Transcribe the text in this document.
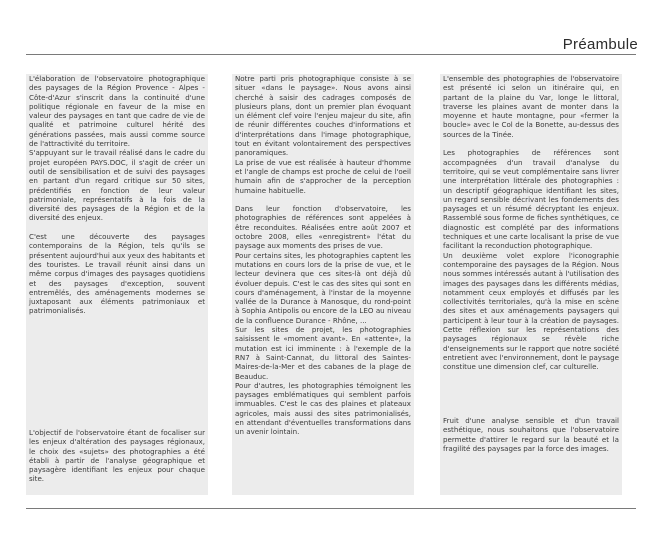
Préambule

L'élaboration de l'observatoire photographique des paysages de la Région Provence - Alpes - Côte-d'Azur s'inscrit dans la continuité d'une politique régionale en faveur de la mise en valeur des paysages en tant que cadre de vie de qualité et patrimoine culturel hérité des générations passées, mais aussi comme source de l'attractivité du territoire.

S'appuyant sur le travail réalisé dans le cadre du projet européen PAYS.DOC, il s'agit de créer un outil de sensibilisation et de suivi des paysages en partant d'un regard critique sur 50 sites, prédentifiés en fonction de leur valeur patrimoniale, représentatifs à la fois de la diversité des paysages de la Région et de la diversité des enjeux.

C'est une découverte des paysages contemporains de la Région, tels qu'ils se présentent aujourd'hui aux yeux des habitants et des touristes. Le travail réunit ainsi dans un même corpus d'images des paysages quotidiens et des paysages d'exception, souvent entremêlés, des aménagements modernes se juxtaposant aux éléments patrimoniaux et patrimonialisés.

L'objectif de l'observatoire étant de focaliser sur les enjeux d'altération des paysages régionaux, le choix des «sujets» des photographies a été établi à partir de l'analyse géographique et paysagère identifiant les enjeux pour chaque site.

Notre parti pris photographique consiste à se situer «dans le paysage». Nous avons ainsi cherché à saisir des cadrages composés de plusieurs plans, dont un premier plan évoquant un élément clef voire l'enjeu majeur du site, afin de réunir différentes couches d'informations et d'interprétations dans l'image photographique, tout en évitant volontairement des perspectives panoramiques.

La prise de vue est réalisée à hauteur d'homme et l'angle de champs est proche de celui de l'oeil humain afin de s'approcher de la perception humaine habituelle.

Dans leur fonction d'observatoire, les photographies de références sont appelées à être reconduites. Réalisées entre août 2007 et octobre 2008, elles «enregistrent» l'état du paysage aux moments des prises de vue.

Pour certains sites, les photographies captent les mutations en cours lors de la prise de vue, et le lecteur devinera que ces sites-là ont déjà dû évoluer depuis. C'est le cas des sites qui sont en cours d'aménagement, à l'instar de la moyenne vallée de la Durance à Manosque, du rond-point à Sophia Antipolis ou encore de la LEO au niveau de la confluence Durance - Rhône, ...

Sur les sites de projet, les photographies saisissent le «moment avant». En «attente», la mutation est ici imminente : à l'exemple de la RN7 à Saint-Cannat, du littoral des Saintes-Maires-de-la-Mer et des cabanes de la plage de Beauduc.

Pour d'autres, les photographies témoignent les paysages emblématiques qui semblent parfois immuables. C'est le cas des plaines et plateaux agricoles, mais aussi des sites patrimonialisés, en attendant d'éventuelles transformations dans un avenir lointain.

L'ensemble des photographies de l'observatoire est présenté ici selon un itinéraire qui, en partant de la plaine du Var, longe le littoral, traverse les plaines avant de monter dans la moyenne et haute montagne, pour «fermer la boucle» avec le Col de la Bonette, au-dessus des sources de la Tinée.

Les photographies de références sont accompagnées d'un travail d'analyse du territoire, qui se veut complémentaire sans livrer une interprétation littérale des photographies : un descriptif géographique identifiant les sites, un regard sensible décrivant les fondements des paysages et un résumé décryptant les enjeux. Rassemblé sous forme de fiches synthétiques, ce diagnostic est complété par des informations techniques et une carte localisant la prise de vue facilitant la reconduction photographique.

Un deuxième volet explore l'iconographie contemporaine des paysages de la Région. Nous nous sommes intéressés autant à l'utilisation des images des paysages dans les différents médias, notamment ceux employés et diffusés par les collectivités territoriales, qu'à la mise en scène des sites et aux aménagements paysagers qui participent à leur tour à la création de paysages. Cette réflexion sur les représentations des paysages régionaux se révèle riche d'enseignements sur le rapport que notre société entretient avec l'environnement, dont le paysage constitue une dimension clef, car culturelle.

Fruit d'une analyse sensible et d'un travail esthétique, nous souhaitons que l'observatoire permette d'attirer le regard sur la beauté et la fragilité des paysages par la force des images.
